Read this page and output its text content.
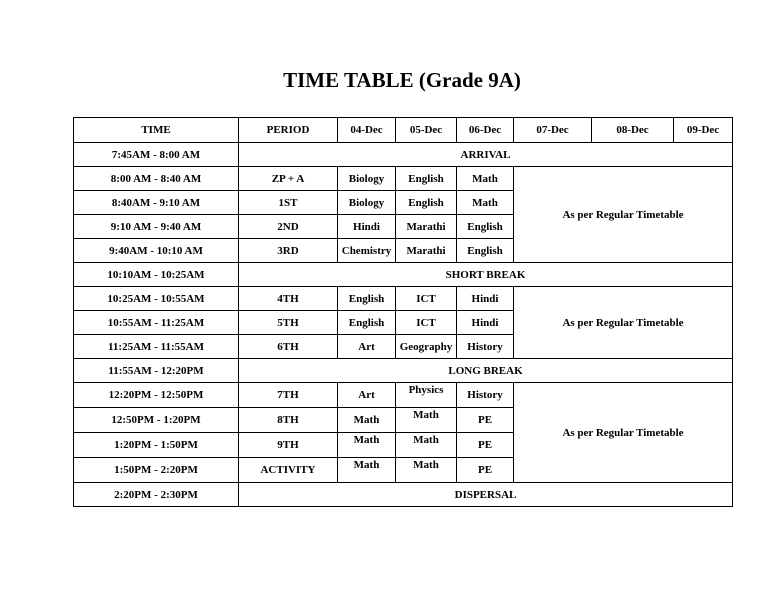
TIME TABLE (Grade 9A)
TIME	PERIOD	04-Dec	05-Dec	06-Dec	07-Dec	08-Dec	09-Dec
7:45AM - 8:00 AM	ARRIVAL						
8:00 AM - 8:40 AM	ZP + A	Biology	English	Math	As per Regular Timetable		
8:40AM - 9:10 AM	1ST	Biology	English	Math			
9:10 AM - 9:40 AM	2ND	Hindi	Marathi	English			
9:40AM - 10:10 AM	3RD	Chemistry	Marathi	English			
10:10AM - 10:25AM	SHORT BREAK						
10:25AM - 10:55AM	4TH	English	ICT	Hindi	As per Regular Timetable		
10:55AM - 11:25AM	5TH	English	ICT	Hindi			
11:25AM - 11:55AM	6TH	Art	Geography	History			
11:55AM - 12:20PM	LONG BREAK						
12:20PM - 12:50PM	7TH	Art	Physics	History	As per Regular Timetable		
12:50PM - 1:20PM	8TH	Math	Math	PE			
1:20PM - 1:50PM	9TH	Math	Math	PE			
1:50PM - 2:20PM	ACTIVITY	Math	Math	PE			
2:20PM - 2:30PM	DISPERSAL						
